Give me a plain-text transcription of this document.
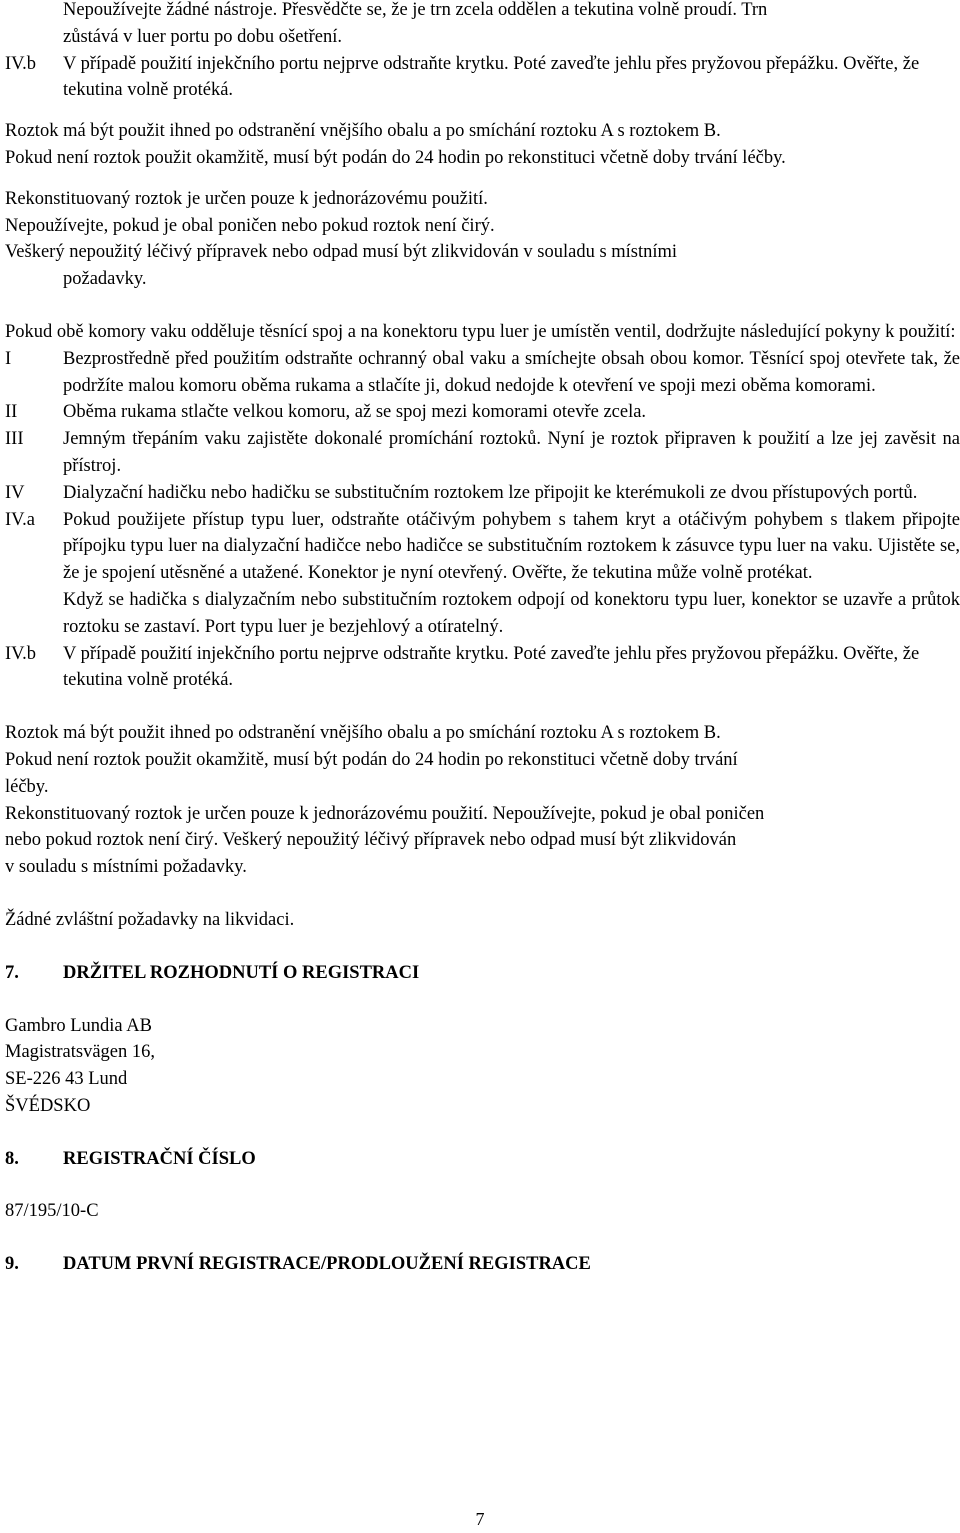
Nepoužívejte žádné nástroje. Přesvědčte se, že je trn zcela oddělen a tekutina volně proudí. Trn

zůstává v luer portu po dobu ošetření.

IV.b	V případě použití injekčního portu nejprve odstraňte krytku. Poté zaveďte jehlu přes pryžovou přepážku. Ověřte, že tekutina volně protéká.

Roztok má být použit ihned po odstranění vnějšího obalu a po smíchání roztoku A s roztokem B.

Pokud není roztok použit okamžitě, musí být podán do 24 hodin po rekonstituci včetně doby trvání léčby.

Rekonstituovaný roztok je určen pouze k jednorázovému použití.

Nepoužívejte, pokud je obal poničen nebo pokud roztok není čirý.

Veškerý nepoužitý léčivý přípravek nebo odpad musí být zlikvidován v souladu s místními

požadavky.

Pokud obě komory vaku odděluje těsnící spoj a na konektoru typu luer je umístěn ventil, dodržujte následující pokyny k použití:

I	Bezprostředně před použitím odstraňte ochranný obal vaku a smíchejte obsah obou komor. Těsnící spoj otevřete tak, že podržíte malou komoru oběma rukama a stlačíte ji, dokud nedojde k otevření ve spoji mezi oběma komorami.
II	Oběma rukama stlačte velkou komoru, až se spoj mezi komorami otevře zcela.
III	Jemným třepáním vaku zajistěte dokonalé promíchání roztoků. Nyní je roztok připraven k použití a lze jej zavěsit na přístroj.
IV	Dialyzační hadičku nebo hadičku se substitučním roztokem lze připojit ke kterémukoli ze dvou přístupových portů.
IV.a	Pokud použijete přístup typu luer, odstraňte otáčivým pohybem s tahem kryt a otáčivým pohybem s tlakem připojte přípojku typu luer na dialyzační hadičce nebo hadičce se substitučním roztokem k zásuvce typu luer na vaku. Ujistěte se, že je spojení utěsněné a utažené. Konektor je nyní otevřený. Ověřte, že tekutina může volně protékat.
Když se hadička s dialyzačním nebo substitučním roztokem odpojí od konektoru typu luer, konektor se uzavře a průtok roztoku se zastaví. Port typu luer je bezjehlový a otíratelný.
IV.b	V případě použití injekčního portu nejprve odstraňte krytku. Poté zaveďte jehlu přes pryžovou přepážku. Ověřte, že tekutina volně protéká.

Roztok má být použit ihned po odstranění vnějšího obalu a po smíchání roztoku A s roztokem B.

Pokud není roztok použit okamžitě, musí být podán do 24 hodin po rekonstituci včetně doby trvání

léčby.

Rekonstituovaný roztok je určen pouze k jednorázovému použití. Nepoužívejte, pokud je obal poničen

nebo pokud roztok není čirý. Veškerý nepoužitý léčivý přípravek nebo odpad musí být zlikvidován

v souladu s místními požadavky.

Žádné zvláštní požadavky na likvidaci.

7.	DRŽITEL ROZHODNUTÍ O REGISTRACI

Gambro Lundia AB

Magistratsvägen 16,

SE-226 43 Lund

ŠVÉDSKO

8.	REGISTRAČNÍ ČÍSLO

87/195/10-C

9.	DATUM PRVNÍ REGISTRACE/PRODLOUŽENÍ REGISTRACE
7
